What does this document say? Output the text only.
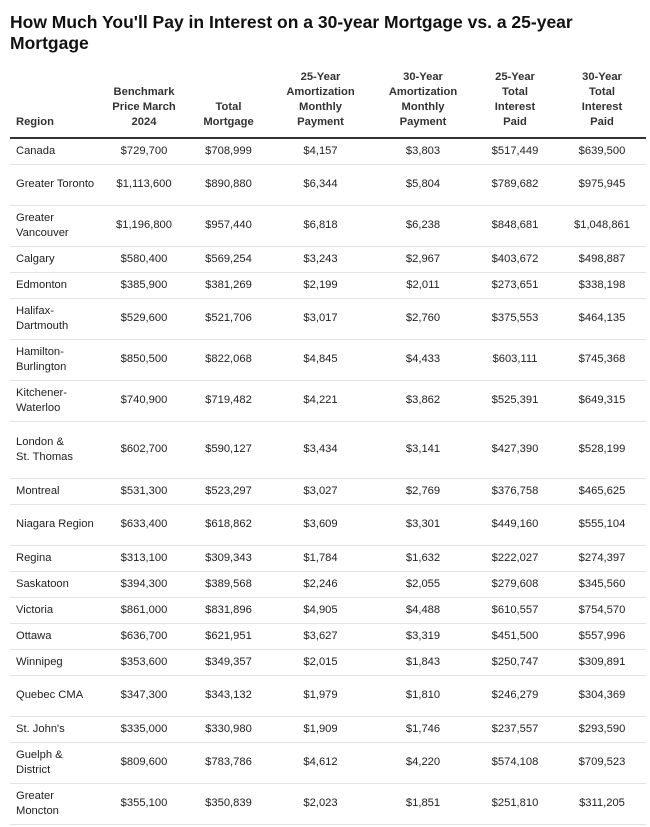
How Much You'll Pay in Interest on a 30-year Mortgage vs. a 25-year Mortgage
Region	Benchmark Price March 2024	Total Mortgage	25-Year Amortization Monthly Payment	30-Year Amortization Monthly Payment	25-Year Total Interest Paid	30-Year Total Interest Paid
Canada	$729,700	$708,999	$4,157	$3,803	$517,449	$639,500
Greater Toronto	$1,113,600	$890,880	$6,344	$5,804	$789,682	$975,945
Greater Vancouver	$1,196,800	$957,440	$6,818	$6,238	$848,681	$1,048,861
Calgary	$580,400	$569,254	$3,243	$2,967	$403,672	$498,887
Edmonton	$385,900	$381,269	$2,199	$2,011	$273,651	$338,198
Halifax-Dartmouth	$529,600	$521,706	$3,017	$2,760	$375,553	$464,135
Hamilton-Burlington	$850,500	$822,068	$4,845	$4,433	$603,111	$745,368
Kitchener-Waterloo	$740,900	$719,482	$4,221	$3,862	$525,391	$649,315
London & St. Thomas	$602,700	$590,127	$3,434	$3,141	$427,390	$528,199
Montreal	$531,300	$523,297	$3,027	$2,769	$376,758	$465,625
Niagara Region	$633,400	$618,862	$3,609	$3,301	$449,160	$555,104
Regina	$313,100	$309,343	$1,784	$1,632	$222,027	$274,397
Saskatoon	$394,300	$389,568	$2,246	$2,055	$279,608	$345,560
Victoria	$861,000	$831,896	$4,905	$4,488	$610,557	$754,570
Ottawa	$636,700	$621,951	$3,627	$3,319	$451,500	$557,996
Winnipeg	$353,600	$349,357	$2,015	$1,843	$250,747	$309,891
Quebec CMA	$347,300	$343,132	$1,979	$1,810	$246,279	$304,369
St. John's	$335,000	$330,980	$1,909	$1,746	$237,557	$293,590
Guelph & District	$809,600	$783,786	$4,612	$4,220	$574,108	$709,523
Greater Moncton	$355,100	$350,839	$2,023	$1,851	$251,810	$311,205
